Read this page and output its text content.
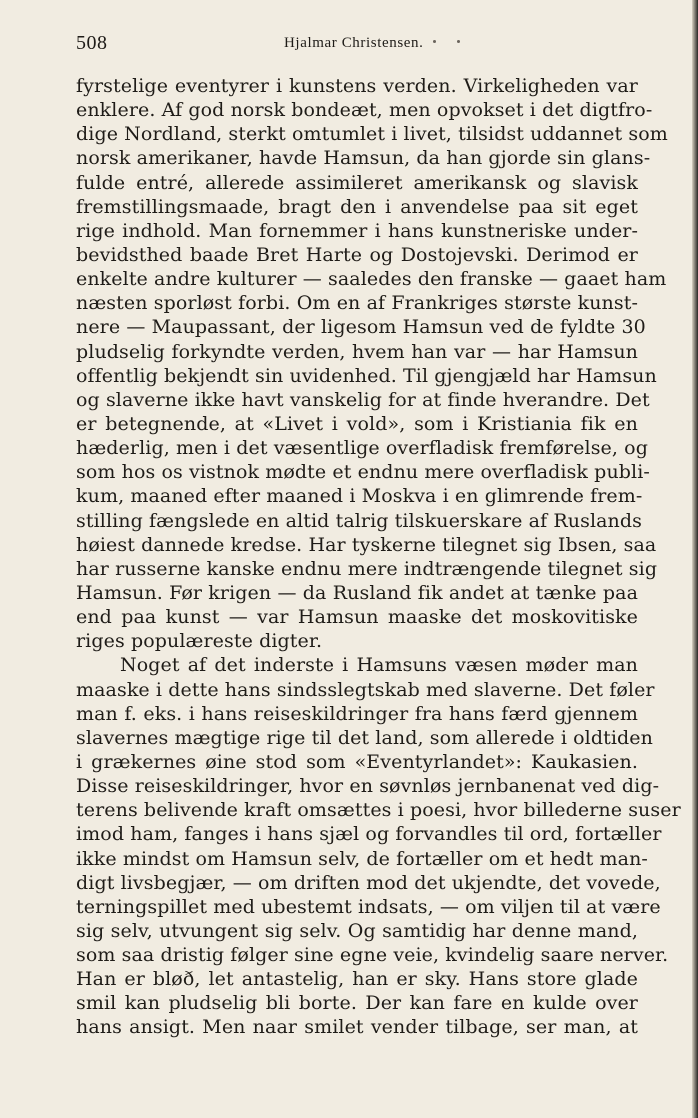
508	Hjalmar Christensen.
fyrstelige eventyrer i kunstens verden. Virkeligheden var
enklere. Af god norsk bondeæt, men opvokset i det digtfro-
dige Nordland, sterkt omtumlet i livet, tilsidst uddannet som
norsk amerikaner, havde Hamsun, da han gjorde sin glans-
fulde entré, allerede assimileret amerikansk og slavisk
fremstillingsmaade, bragt den i anvendelse paa sit eget
rige indhold. Man fornemmer i hans kunstneriske under-
bevidsthed baade Bret Harte og Dostojevski. Derimod er
enkelte andre kulturer — saaledes den franske — gaaet ham
næsten sporløst forbi. Om en af Frankriges største kunst-
nere — Maupassant, der ligesom Hamsun ved de fyldte 30
pludselig forkyndte verden, hvem han var — har Hamsun
offentlig bekjendt sin uvidenhed. Til gjengjæld har Hamsun
og slaverne ikke havt vanskelig for at finde hverandre. Det
er betegnende, at «Livet i vold», som i Kristiania fik en
hæderlig, men i det væsentlige overfladisk fremførelse, og
som hos os vistnok mødte et endnu mere overfladisk publi-
kum, maaned efter maaned i Moskva i en glimrende frem-
stilling fængslede en altid talrig tilskuerskare af Ruslands
høiest dannede kredse. Har tyskerne tilegnet sig Ibsen, saa
har russerne kanske endnu mere indtrængende tilegnet sig
Hamsun. Før krigen — da Rusland fik andet at tænke paa
end paa kunst — var Hamsun maaske det moskovitiske
riges populæreste digter.
Noget af det inderste i Hamsuns væsen møder man
maaske i dette hans sindsslegtskab med slaverne. Det føler
man f. eks. i hans reiseskildringer fra hans færd gjennem
slavernes mægtige rige til det land, som allerede i oldtiden
i grækernes øine stod som «Eventyrlandet»: Kaukasien.
Disse reiseskildringer, hvor en søvnløs jernbanenat ved dig-
terens belivende kraft omsættes i poesi, hvor billederne suser
imod ham, fanges i hans sjæl og forvandles til ord, fortæller
ikke mindst om Hamsun selv, de fortæller om et hedt man-
digt livsbegjær, — om driften mod det ukjendte, det vovede,
terningspillet med ubestemt indsats, — om viljen til at være
sig selv, utvungent sig selv. Og samtidig har denne mand,
som saa dristig følger sine egne veie, kvindelig saare nerver.
Han er bløð, let antastelig, han er sky. Hans store glade
smil kan pludselig bli borte. Der kan fare en kulde over
hans ansigt. Men naar smilet vender tilbage, ser man, at
